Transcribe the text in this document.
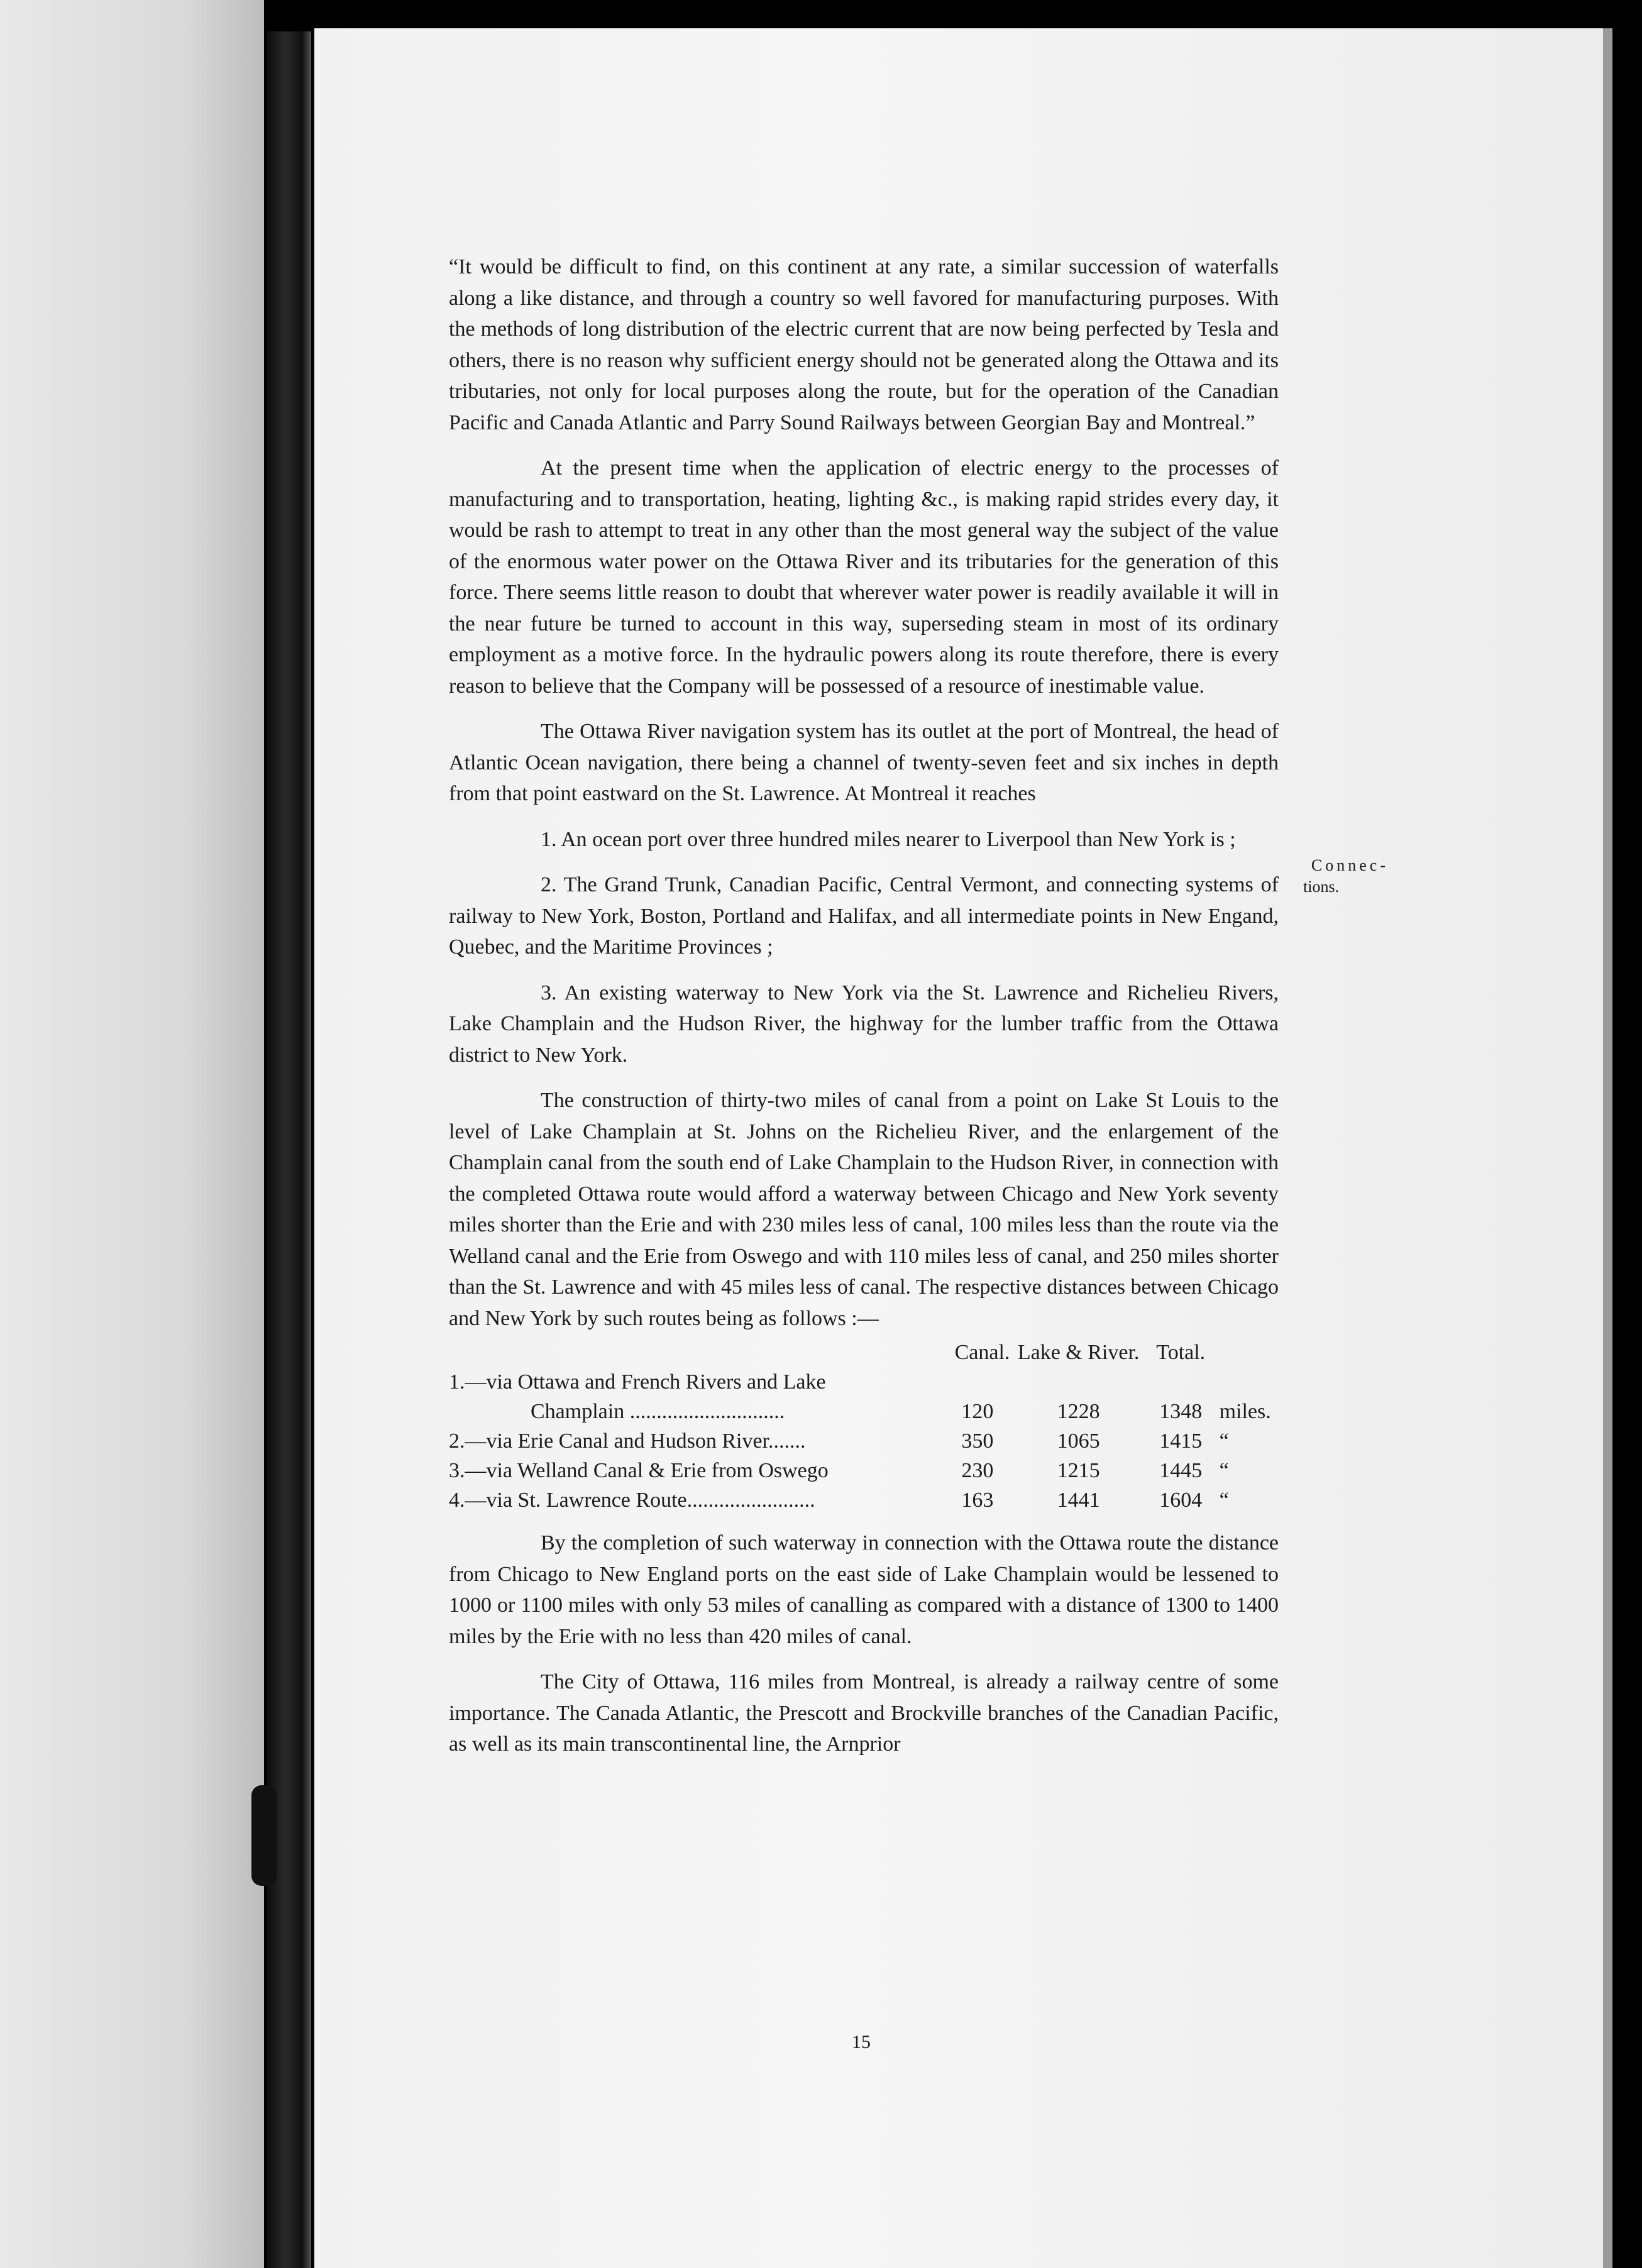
“It would be difficult to find, on this continent at any rate, a similar succession of waterfalls along a like distance, and through a country so well favored for manufacturing purposes. With the methods of long distribution of the electric current that are now being perfected by Tesla and others, there is no reason why sufficient energy should not be generated along the Ottawa and its tributaries, not only for local purposes along the route, but for the operation of the Canadian Pacific and Canada Atlantic and Parry Sound Railways between Georgian Bay and Montreal.”

At the present time when the application of electric energy to the processes of manufacturing and to transportation, heating, lighting &c., is making rapid strides every day, it would be rash to attempt to treat in any other than the most general way the subject of the value of the enormous water power on the Ottawa River and its tributaries for the generation of this force. There seems little reason to doubt that wherever water power is readily available it will in the near future be turned to account in this way, superseding steam in most of its ordinary employment as a motive force. In the hydraulic powers along its route therefore, there is every reason to believe that the Company will be possessed of a resource of inestimable value.

The Ottawa River navigation system has its outlet at the port of Montreal, the head of Atlantic Ocean navigation, there being a channel of twenty-seven feet and six inches in depth from that point eastward on the St. Lawrence. At Montreal it reaches

1. An ocean port over three hundred miles nearer to Liverpool than New York is ;

2. The Grand Trunk, Canadian Pacific, Central Vermont, and connecting systems of railway to New York, Boston, Portland and Halifax, and all intermediate points in New Engand, Quebec, and the Maritime Provinces ;

3. An existing waterway to New York via the St. Lawrence and Richelieu Rivers, Lake Champlain and the Hudson River, the highway for the lumber traffic from the Ottawa district to New York.

The construction of thirty-two miles of canal from a point on Lake St Louis to the level of Lake Champlain at St. Johns on the Richelieu River, and the enlargement of the Champlain canal from the south end of Lake Champlain to the Hudson River, in connection with the completed Ottawa route would afford a waterway between Chicago and New York seventy miles shorter than the Erie and with 230 miles less of canal, 100 miles less than the route via the Welland canal and the Erie from Oswego and with 110 miles less of canal, and 250 miles shorter than the St. Lawrence and with 45 miles less of canal. The respective distances between Chicago and New York by such routes being as follows :—

	Canal.	Lake & River.	Total.	
1.—via Ottawa and French Rivers and Lake				
Champlain .............................	120	1228	1348	miles.
2.—via Erie Canal and Hudson River.......	350	1065	1415	“
3.—via Welland Canal & Erie from Oswego	230	1215	1445	“
4.—via St. Lawrence Route........................	163	1441	1604	“

By the completion of such waterway in connection with the Ottawa route the distance from Chicago to New England ports on the east side of Lake Champlain would be lessened to 1000 or 1100 miles with only 53 miles of canalling as compared with a distance of 1300 to 1400 miles by the Erie with no less than 420 miles of canal.

The City of Ottawa, 116 miles from Montreal, is already a railway centre of some importance. The Canada Atlantic, the Prescott and Brockville branches of the Canadian Pacific, as well as its main transcontinental line, the Arnprior

Connec-
tions.
15
